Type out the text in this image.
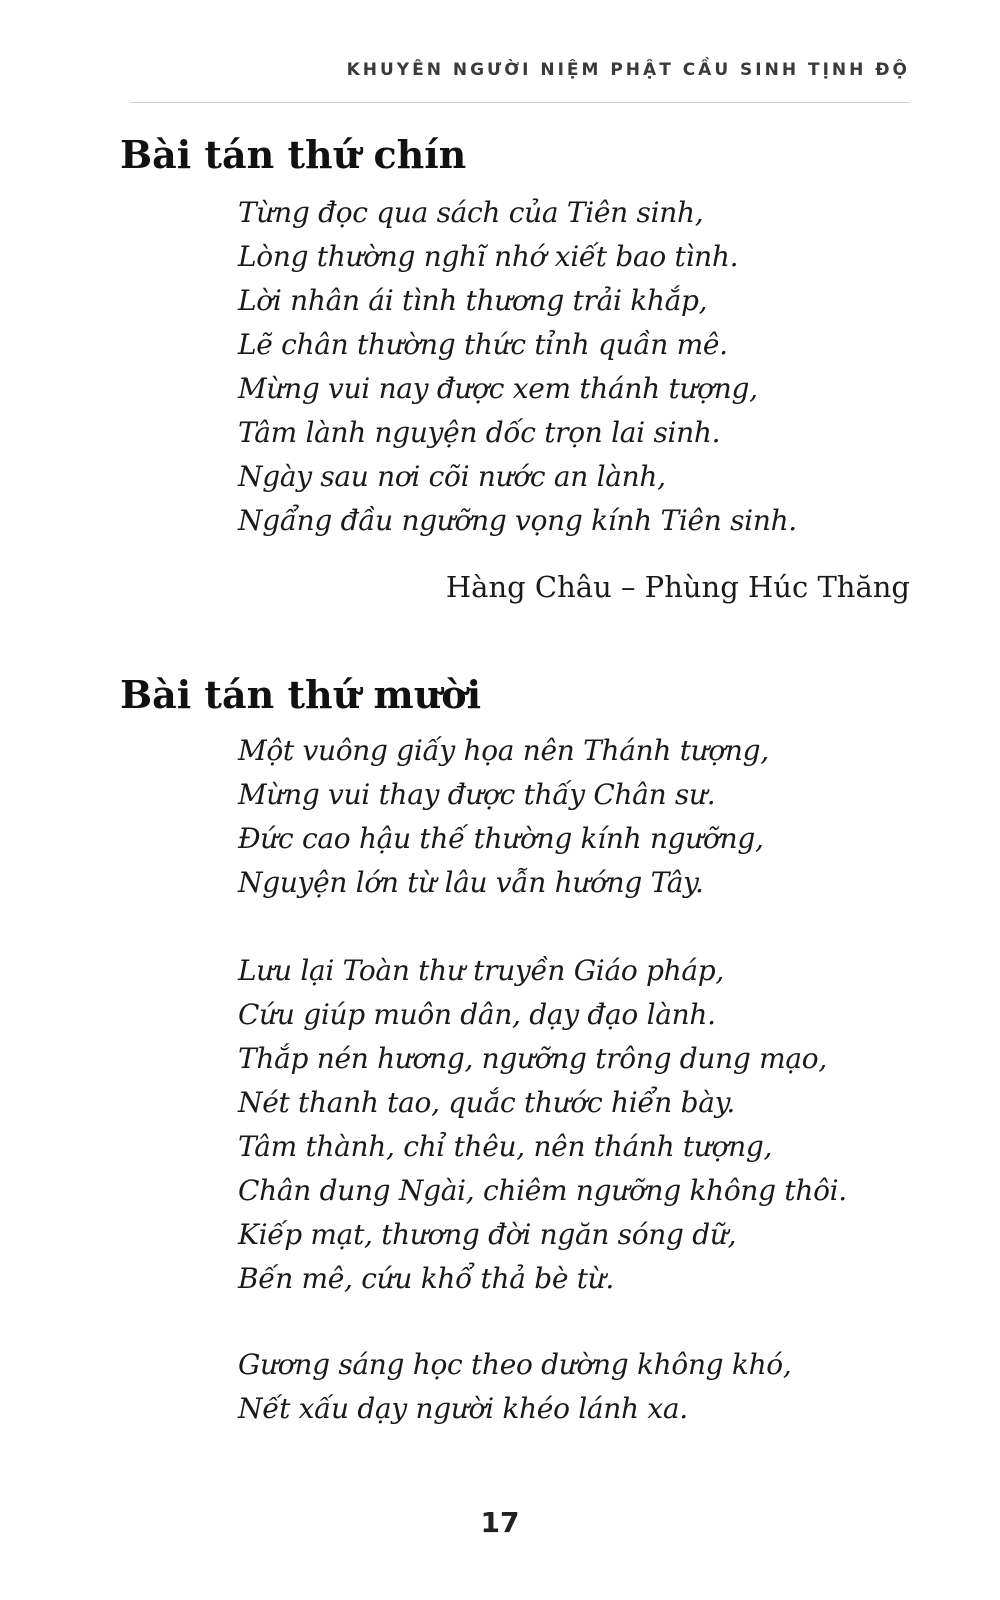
KHUYÊN NGƯỜI NIỆM PHẬT CẦU SINH TỊNH ĐỘ
Bài tán thứ chín
Từng đọc qua sách của Tiên sinh,
Lòng thường nghĩ nhớ xiết bao tình.
Lời nhân ái tình thương trải khắp,
Lẽ chân thường thức tỉnh quần mê.
Mừng vui nay được xem thánh tượng,
Tâm lành nguyện dốc trọn lai sinh.
Ngày sau nơi cõi nước an lành,
Ngẩng đầu ngưỡng vọng kính Tiên sinh.
Hàng Châu – Phùng Húc Thăng
Bài tán thứ mười
Một vuông giấy họa nên Thánh tượng,
Mừng vui thay được thấy Chân sư.
Đức cao hậu thế thường kính ngưỡng,
Nguyện lớn từ lâu vẫn hướng Tây.
Lưu lại Toàn thư truyền Giáo pháp,
Cứu giúp muôn dân, dạy đạo lành.
Thắp nén hương, ngưỡng trông dung mạo,
Nét thanh tao, quắc thước hiển bày.
Tâm thành, chỉ thêu, nên thánh tượng,
Chân dung Ngài, chiêm ngưỡng không thôi.
Kiếp mạt, thương đời ngăn sóng dữ,
Bến mê, cứu khổ thả bè từ.
Gương sáng học theo dường không khó,
Nết xấu dạy người khéo lánh xa.
17
